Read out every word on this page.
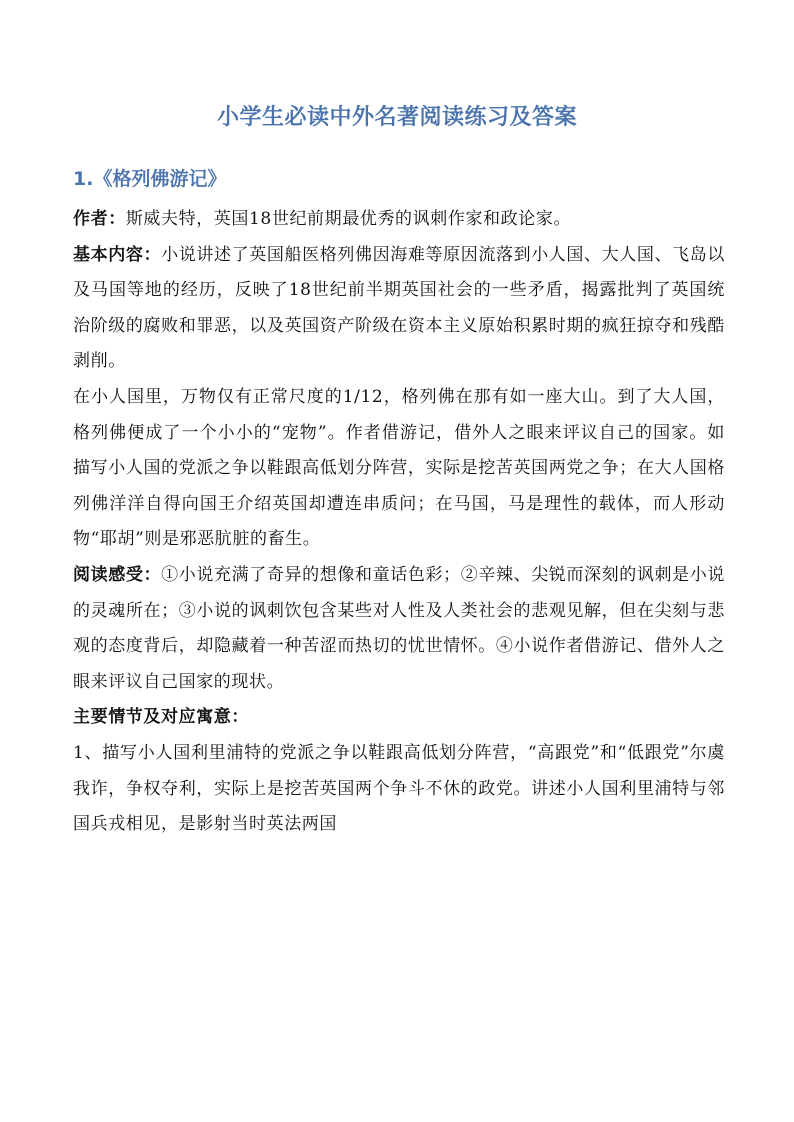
小学生必读中外名著阅读练习及答案
1.《格列佛游记》

作者：斯威夫特，英国18世纪前期最优秀的讽刺作家和政论家。

基本内容：小说讲述了英国船医格列佛因海难等原因流落到小人国、大人国、飞岛以及马国等地的经历，反映了18世纪前半期英国社会的一些矛盾，揭露批判了英国统治阶级的腐败和罪恶，以及英国资产阶级在资本主义原始积累时期的疯狂掠夺和残酷剥削。

在小人国里，万物仅有正常尺度的1/12，格列佛在那有如一座大山。到了大人国，格列佛便成了一个小小的“宠物”。作者借游记，借外人之眼来评议自己的国家。如描写小人国的党派之争以鞋跟高低划分阵营，实际是挖苦英国两党之争；在大人国格列佛洋洋自得向国王介绍英国却遭连串质问；在马国，马是理性的载体，而人形动物“耶胡”则是邪恶肮脏的畜生。

阅读感受：①小说充满了奇异的想像和童话色彩；②辛辣、尖锐而深刻的讽刺是小说的灵魂所在；③小说的讽刺饮包含某些对人性及人类社会的悲观见解，但在尖刻与悲观的态度背后，却隐藏着一种苦涩而热切的忧世情怀。④小说作者借游记、借外人之眼来评议自己国家的现状。

主要情节及对应寓意：

1、描写小人国利里浦特的党派之争以鞋跟高低划分阵营，“高跟党”和“低跟党”尔虞我诈，争权夺利，实际上是挖苦英国两个争斗不休的政党。讲述小人国利里浦特与邻国兵戎相见，是影射当时英法两国
